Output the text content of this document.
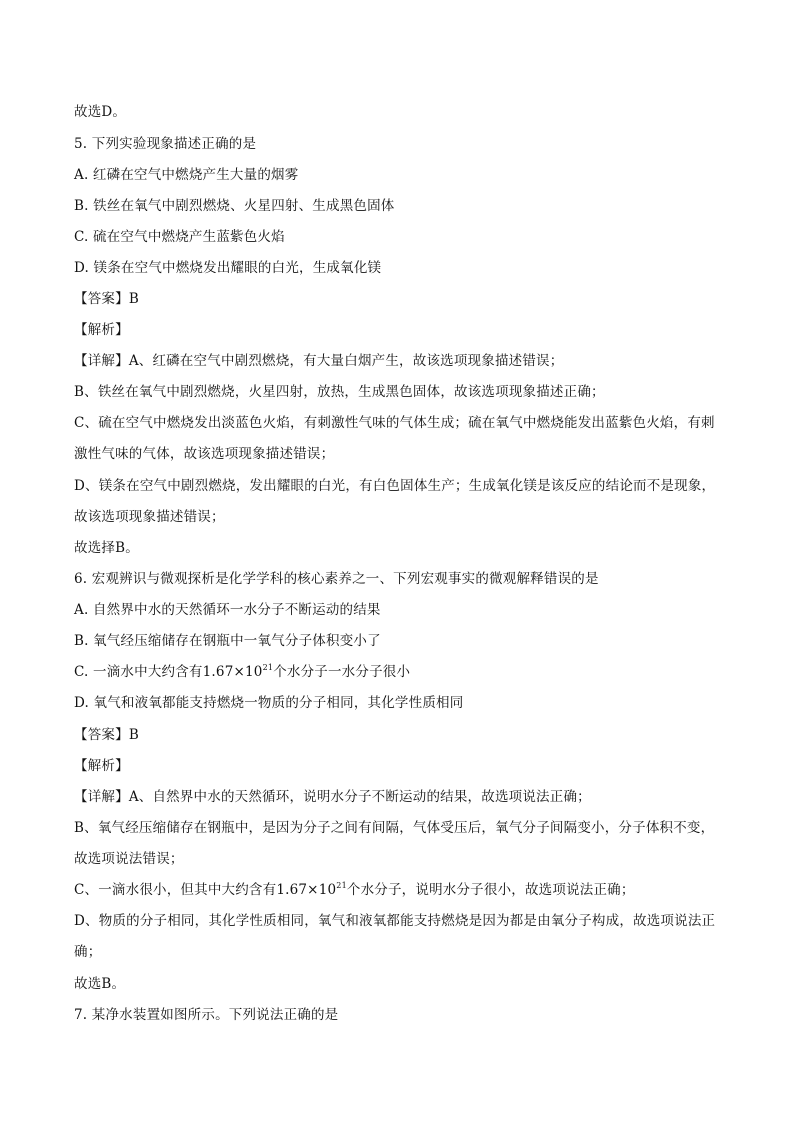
故选D。
5. 下列实验现象描述正确的是
A. 红磷在空气中燃烧产生大量的烟雾
B. 铁丝在氧气中剧烈燃烧、火星四射、生成黑色固体
C. 硫在空气中燃烧产生蓝紫色火焰
D. 镁条在空气中燃烧发出耀眼的白光，生成氧化镁
【答案】B
【解析】
【详解】A、红磷在空气中剧烈燃烧，有大量白烟产生，故该选项现象描述错误；
B、铁丝在氧气中剧烈燃烧，火星四射，放热，生成黑色固体，故该选项现象描述正确；
C、硫在空气中燃烧发出淡蓝色火焰，有刺激性气味的气体生成；硫在氧气中燃烧能发出蓝紫色火焰，有刺
激性气味的气体，故该选项现象描述错误；
D、镁条在空气中剧烈燃烧，发出耀眼的白光，有白色固体生产；生成氧化镁是该反应的结论而不是现象，
故该选项现象描述错误；
故选择B。
6. 宏观辨识与微观探析是化学学科的核心素养之一、下列宏观事实的微观解释错误的是
A. 自然界中水的天然循环一水分子不断运动的结果
B. 氧气经压缩储存在钢瓶中一氧气分子体积变小了
C. 一滴水中大约含有$1.67\times 10^{21}$个水分子一水分子很小
D. 氧气和液氧都能支持燃烧一物质的分子相同，其化学性质相同
【答案】B
【解析】
【详解】A、自然界中水的天然循环，说明水分子不断运动的结果，故选项说法正确；
B、氧气经压缩储存在钢瓶中，是因为分子之间有间隔，气体受压后，氧气分子间隔变小，分子体积不变，
故选项说法错误；
C、一滴水很小，但其中大约含有$1.67\times 10^{21}$个水分子，说明水分子很小，故选项说法正确；
D、物质的分子相同，其化学性质相同，氧气和液氧都能支持燃烧是因为都是由氧分子构成，故选项说法正
确；
故选B。
7. 某净水装置如图所示。下列说法正确的是
